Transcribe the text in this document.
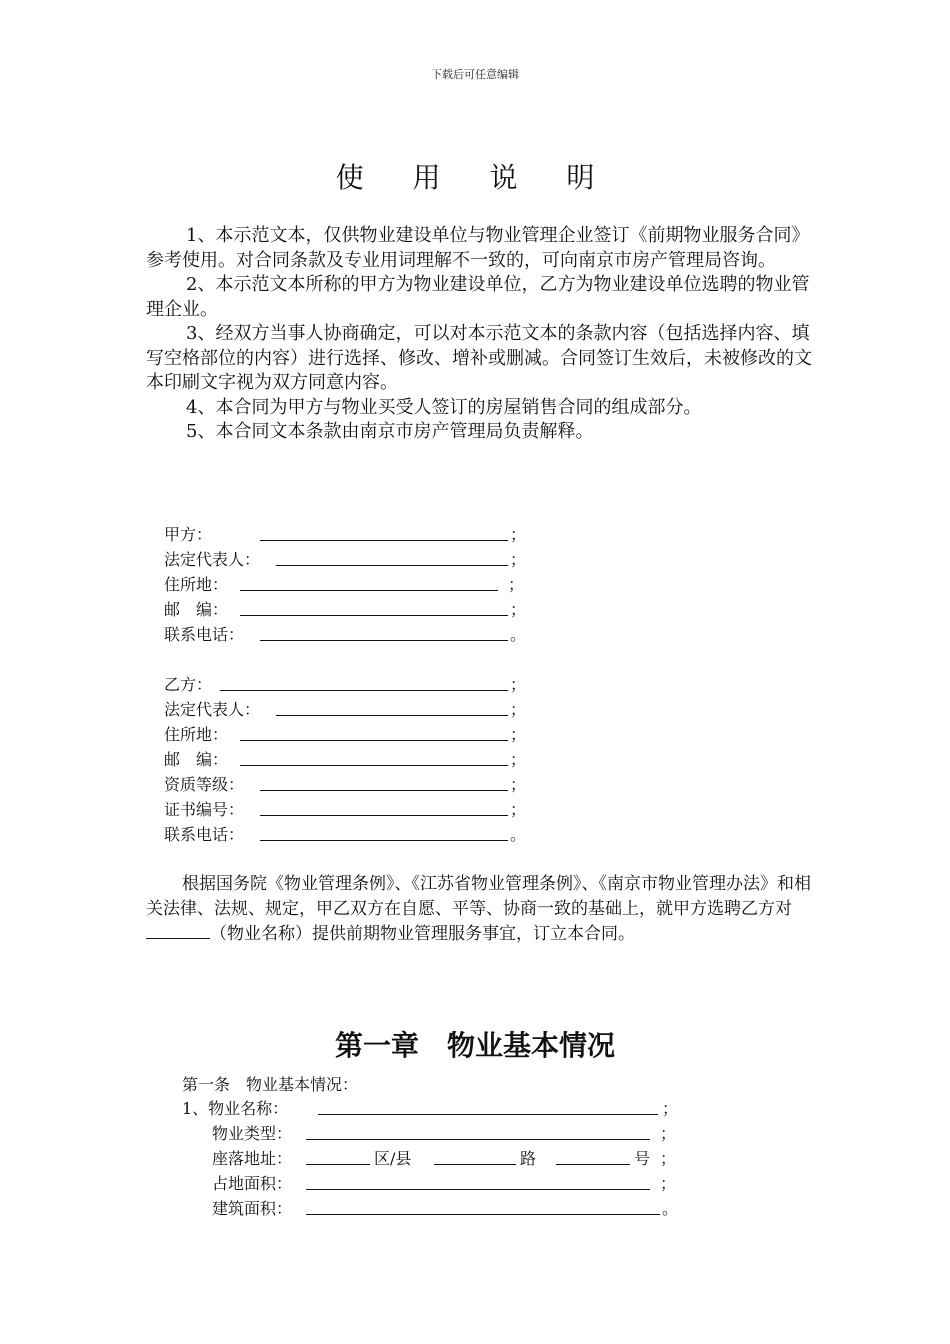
下载后可任意编辑
使 用 说 明

1、本示范文本，仅供物业建设单位与物业管理企业签订《前期物业服务合同》参考使用。对合同条款及专业用词理解不一致的，可向南京市房产管理局咨询。

2、本示范文本所称的甲方为物业建设单位，乙方为物业建设单位选聘的物业管理企业。

3、经双方当事人协商确定，可以对本示范文本的条款内容（包括选择内容、填写空格部位的内容）进行选择、修改、增补或删减。合同签订生效后，未被修改的文本印刷文字视为双方同意内容。

4、本合同为甲方与物业买受人签订的房屋销售合同的组成部分。

5、本合同文本条款由南京市房产管理局负责解释。

甲方：	；
法定代表人：	；
住所地：	；
邮　编：	；
联系电话：	。
乙方：	；
法定代表人：	；
住所地：	；
邮　编：	；
资质等级：	；
证书编号：	；
联系电话：	。

根据国务院《物业管理条例》、《江苏省物业管理条例》、《南京市物业管理办法》和相关法律、法规、规定，甲乙双方在自愿、平等、协商一致的基础上，就甲方选聘乙方对（物业名称）提供前期物业管理服务事宜，订立本合同。

第一章　物业基本情况
第一条　物业基本情况：
1、物业名称：	；
物业类型：	；
座落地址：	区/县	路	号 ；
占地面积：	；
建筑面积：	。
